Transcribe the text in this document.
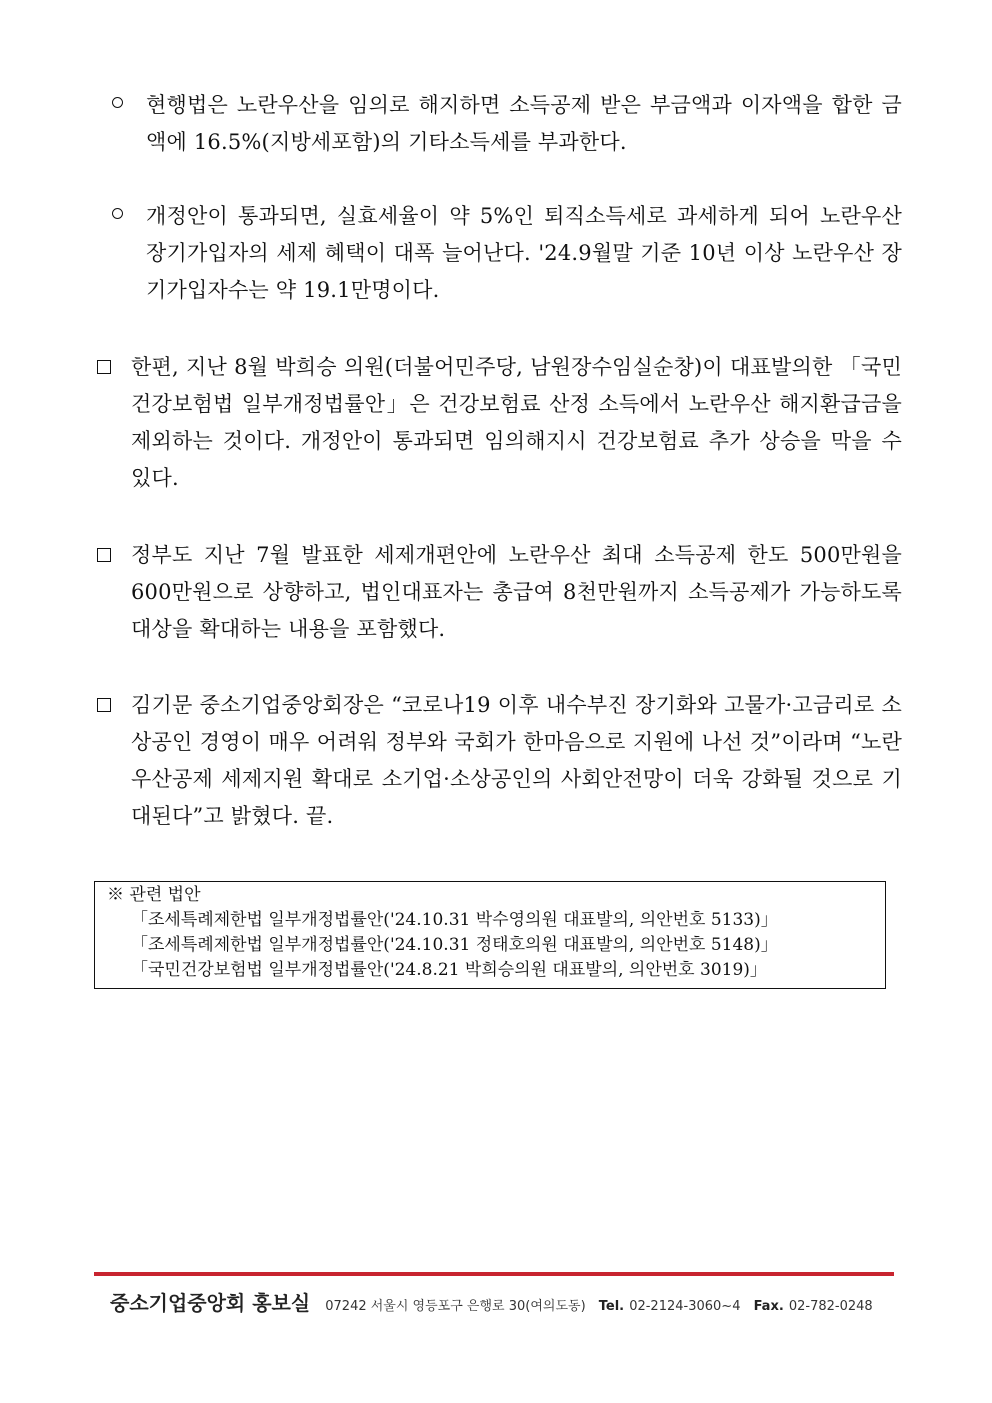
현행법은 노란우산을 임의로 해지하면 소득공제 받은 부금액과 이자액을 합한 금액에 16.5%(지방세포함)의 기타소득세를 부과한다.
개정안이 통과되면, 실효세율이 약 5%인 퇴직소득세로 과세하게 되어 노란우산 장기가입자의 세제 혜택이 대폭 늘어난다. '24.9월말 기준 10년 이상 노란우산 장기가입자수는 약 19.1만명이다.
한편, 지난 8월 박희승 의원(더불어민주당, 남원장수임실순창)이 대표발의한 「국민건강보험법 일부개정법률안」은 건강보험료 산정 소득에서 노란우산 해지환급금을 제외하는 것이다. 개정안이 통과되면 임의해지시 건강보험료 추가 상승을 막을 수 있다.
정부도 지난 7월 발표한 세제개편안에 노란우산 최대 소득공제 한도 500만원을 600만원으로 상향하고, 법인대표자는 총급여 8천만원까지 소득공제가 가능하도록 대상을 확대하는 내용을 포함했다.
김기문 중소기업중앙회장은 “코로나19 이후 내수부진 장기화와 고물가·고금리로 소상공인 경영이 매우 어려워 정부와 국회가 한마음으로 지원에 나선 것”이라며 “노란우산공제 세제지원 확대로 소기업·소상공인의 사회안전망이 더욱 강화될 것으로 기대된다”고 밝혔다. 끝.
※ 관련 법안
「조세특례제한법 일부개정법률안('24.10.31 박수영의원 대표발의, 의안번호 5133)」
「조세특례제한법 일부개정법률안('24.10.31 정태호의원 대표발의, 의안번호 5148)」
「국민건강보험법 일부개정법률안('24.8.21 박희승의원 대표발의, 의안번호 3019)」
중소기업중앙회 홍보실 07242 서울시 영등포구 은행로 30(여의도동) Tel. 02-2124-3060~4 Fax. 02-782-0248
